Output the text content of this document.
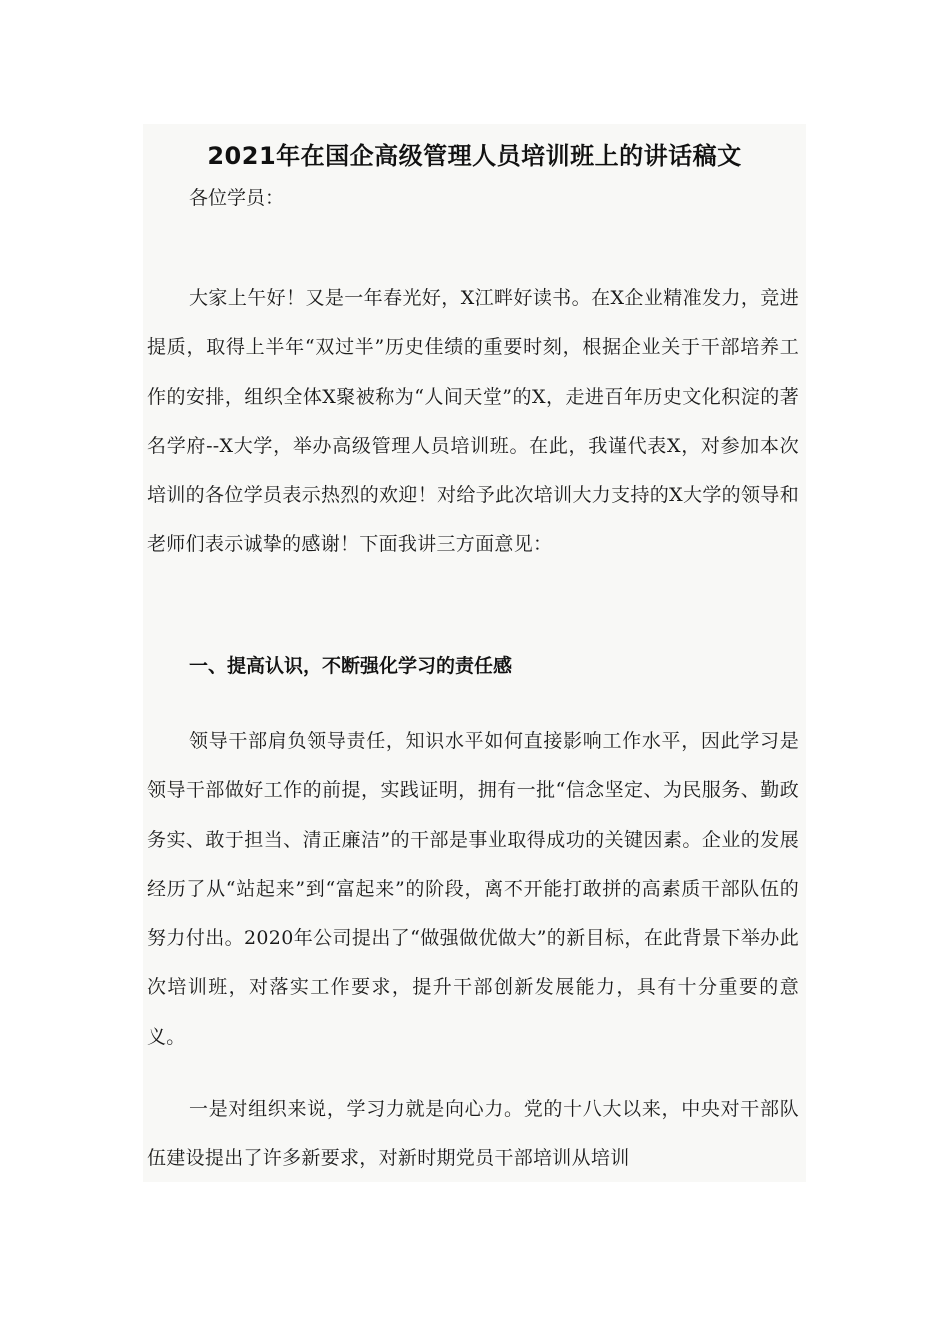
2021年在国企高级管理人员培训班上的讲话稿文

各位学员：

大家上午好！又是一年春光好，X江畔好读书。在X企业精准发力，竞进提质，取得上半年“双过半”历史佳绩的重要时刻，根据企业关于干部培养工作的安排，组织全体X聚被称为“人间天堂”的X，走进百年历史文化积淀的著名学府--X大学，举办高级管理人员培训班。在此，我谨代表X，对参加本次培训的各位学员表示热烈的欢迎！对给予此次培训大力支持的X大学的领导和老师们表示诚挚的感谢！下面我讲三方面意见：

一、提高认识，不断强化学习的责任感

领导干部肩负领导责任，知识水平如何直接影响工作水平，因此学习是领导干部做好工作的前提，实践证明，拥有一批“信念坚定、为民服务、勤政务实、敢于担当、清正廉洁”的干部是事业取得成功的关键因素。企业的发展经历了从“站起来”到“富起来”的阶段，离不开能打敢拼的高素质干部队伍的努力付出。2020年公司提出了“做强做优做大”的新目标，在此背景下举办此次培训班，对落实工作要求，提升干部创新发展能力，具有十分重要的意义。

一是对组织来说，学习力就是向心力。党的十八大以来，中央对干部队伍建设提出了许多新要求，对新时期党员干部培训从培训
